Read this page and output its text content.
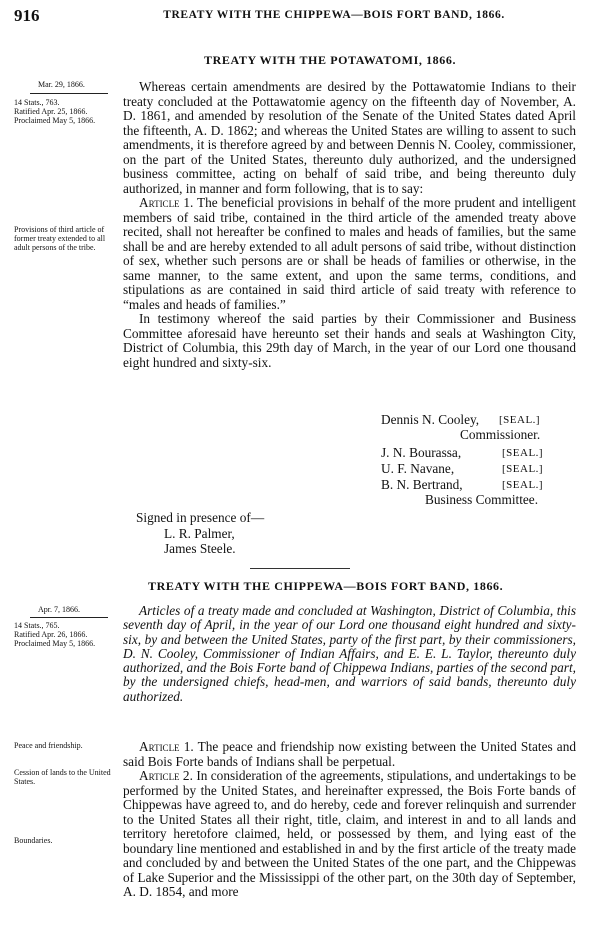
916	TREATY WITH THE CHIPPEWA—BOIS FORT BAND, 1866.
TREATY WITH THE POTAWATOMI, 1866.
Mar. 29, 1866.
14 Stats., 763.
Ratified Apr. 25, 1866.
Proclaimed May 5, 1866.
Provisions of third article of former treaty extended to all adult persons of the tribe.

Whereas certain amendments are desired by the Pottawatomie Indians to their treaty concluded at the Pottawatomie agency on the fifteenth day of November, A. D. 1861, and amended by resolution of the Senate of the United States dated April the fifteenth, A. D. 1862; and whereas the United States are willing to assent to such amendments, it is therefore agreed by and between Dennis N. Cooley, commissioner, on the part of the United States, thereunto duly authorized, and the undersigned business committee, acting on behalf of said tribe, and being thereunto duly authorized, in manner and form following, that is to say:

Article 1. The beneficial provisions in behalf of the more prudent and intelligent members of said tribe, contained in the third article of the amended treaty above recited, shall not hereafter be confined to males and heads of families, but the same shall be and are hereby extended to all adult persons of said tribe, without distinction of sex, whether such persons are or shall be heads of families or otherwise, in the same manner, to the same extent, and upon the same terms, conditions, and stipulations as are contained in said third article of said treaty with reference to “males and heads of families.”

In testimony whereof the said parties by their Commissioner and Business Committee aforesaid have hereunto set their hands and seals at Washington City, District of Columbia, this 29th day of March, in the year of our Lord one thousand eight hundred and sixty-six.

Dennis N. Cooley, [SEAL.]
Commissioner.
J. N. Bourassa,	[SEAL.]
U. F. Navane,	[SEAL.]
B. N. Bertrand,	[SEAL.]
Business Committee.
Signed in presence of—
L. R. Palmer,
James Steele.
TREATY WITH THE CHIPPEWA—BOIS FORT BAND, 1866.
Apr. 7, 1866.
14 Stats., 765.
Ratified Apr. 26, 1866.
Proclaimed May 5, 1866.

Articles of a treaty made and concluded at Washington, District of Columbia, this seventh day of April, in the year of our Lord one thousand eight hundred and sixty-six, by and between the United States, party of the first part, by their commissioners, D. N. Cooley, Commissioner of Indian Affairs, and E. E. L. Taylor, thereunto duly authorized, and the Bois Forte band of Chippewa Indians, parties of the second part, by the undersigned chiefs, head-men, and warriors of said bands, thereunto duly authorized.

Peace and friendship.
Cession of lands to the United States.
Boundaries.

Article 1. The peace and friendship now existing between the United States and said Bois Forte bands of Indians shall be perpetual.

Article 2. In consideration of the agreements, stipulations, and undertakings to be performed by the United States, and hereinafter expressed, the Bois Forte bands of Chippewas have agreed to, and do hereby, cede and forever relinquish and surrender to the United States all their right, title, claim, and interest in and to all lands and territory heretofore claimed, held, or possessed by them, and lying east of the boundary line mentioned and established in and by the first article of the treaty made and concluded by and between the United States of the one part, and the Chippewas of Lake Superior and the Mississippi of the other part, on the 30th day of September, A. D. 1854, and more
